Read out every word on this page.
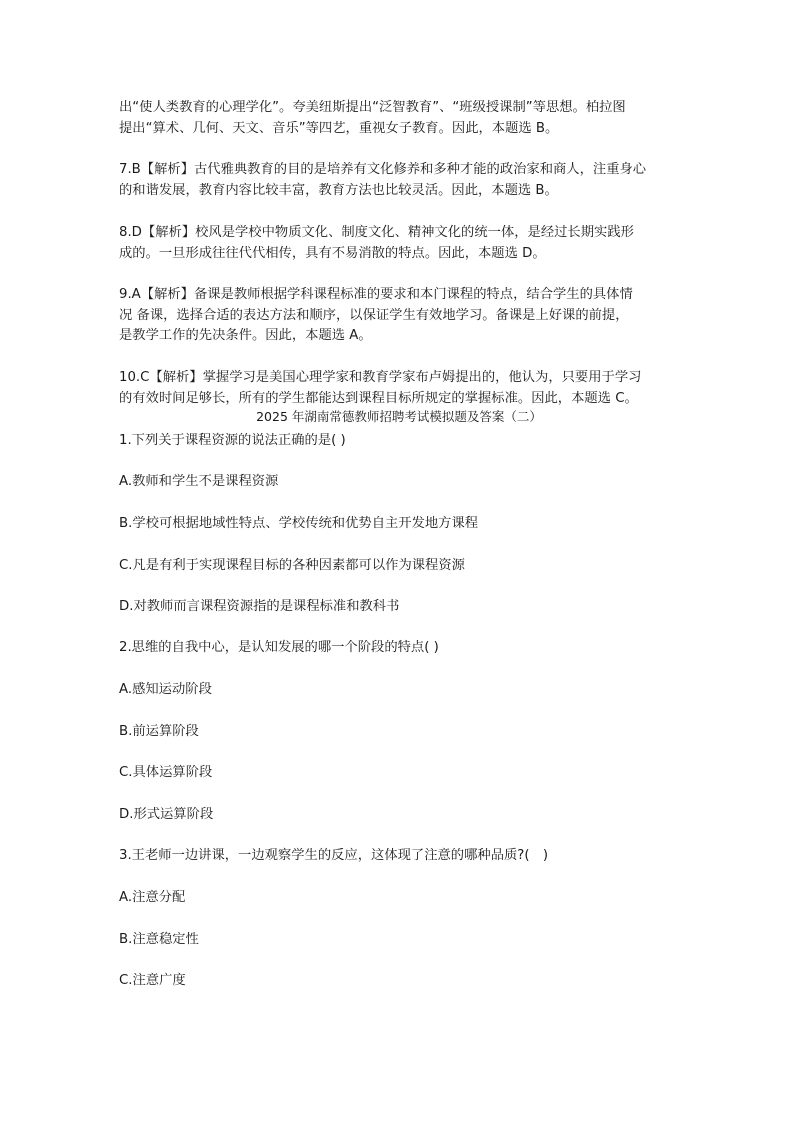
出“使人类教育的心理学化”。夸美纽斯提出“泛智教育”、“班级授课制”等思想。柏拉图
提出“算术、几何、天文、音乐”等四艺，重视女子教育。因此，本题选 B。
7.B【解析】古代雅典教育的目的是培养有文化修养和多种才能的政治家和商人，注重身心
的和谐发展，教育内容比较丰富，教育方法也比较灵活。因此，本题选 B。
8.D【解析】校风是学校中物质文化、制度文化、精神文化的统一体，是经过长期实践形
成的。一旦形成往往代代相传，具有不易消散的特点。因此，本题选 D。
9.A【解析】备课是教师根据学科课程标准的要求和本门课程的特点，结合学生的具体情
况 备课，选择合适的表达方法和顺序，以保证学生有效地学习。备课是上好课的前提，
是教学工作的先决条件。因此，本题选 A。
10.C【解析】掌握学习是美国心理学家和教育学家布卢姆提出的，他认为，只要用于学习
的有效时间足够长，所有的学生都能达到课程目标所规定的掌握标准。因此，本题选 C。
2025 年湖南常德教师招聘考试模拟题及答案（二）
1.下列关于课程资源的说法正确的是( )
A.教师和学生不是课程资源
B.学校可根据地域性特点、学校传统和优势自主开发地方课程
C.凡是有利于实现课程目标的各种因素都可以作为课程资源
D.对教师而言课程资源指的是课程标准和教科书
2.思维的自我中心，是认知发展的哪一个阶段的特点( )
A.感知运动阶段
B.前运算阶段
C.具体运算阶段
D.形式运算阶段
3.王老师一边讲课，一边观察学生的反应，这体现了注意的哪种品质?(　)
A.注意分配
B.注意稳定性
C.注意广度
